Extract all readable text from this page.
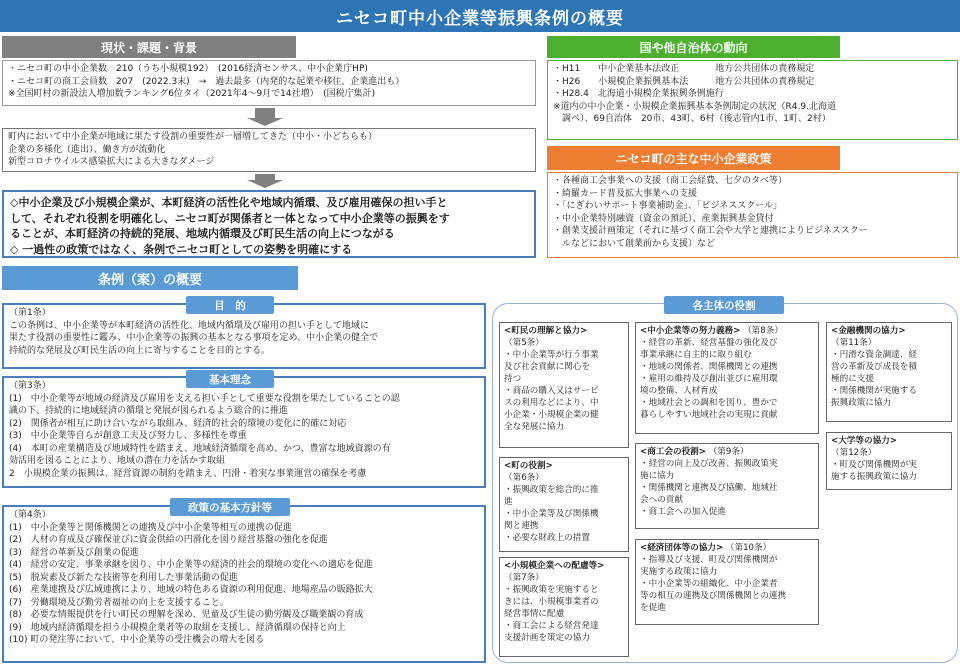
ニセコ町中小企業等振興条例の概要
現状・課題・背景
・ニセコ町の中小企業数　210（うち小規模192）　(2016経済センサス、中小企業庁HP)
・ニセコ町の商工会員数　207　(2022.3末)　→　過去最多（内発的な起業や移住、企業進出も）
※全国町村の新設法人増加数ランキング6位タイ（2021年4～9月で14社増）　(国税庁集計)
町内において中小企業が地域に果たす役割の重要性が一層増してきた（中小・小どちらも）
企業の多様化（進出）、働き方が流動化
新型コロナウイルス感染拡大による大きなダメージ
◇中小企業及び小規模企業が、本町経済の活性化や地域内循環、及び雇用確保の担い手と
して、それぞれ役割を明確化し、ニセコ町が関係者と一体となって中小企業等の振興をす
ることが、本町経済の持続的発展、地域内循環及び町民生活の向上につながる
◇ 一過性の政策ではなく、条例でニセコ町としての姿勢を明確にする
国や他自治体の動向
・H11　　中小企業基本法改正　　　　地方公共団体の責務規定
・H26　　小規模企業振興基本法　　　地方公共団体の責務規定
・H28.4　北海道小規模企業振興条例施行
※道内の中小企業・小規模企業振興基本条例制定の状況（R4.9.北海道
　調べ）、69自治体　20市、43町、6村（後志管内1市、1町、2村）
ニセコ町の主な中小企業政策
・各種商工会事業への支援（商工会経費、七夕のタベ等）
・綺羅カード普及拡大事業への支援
・「にぎわいサポート事業補助金」、「ビジネススクール」
・中小企業特別融資（資金の預託）、産業振興基金貸付
・創業支援計画策定（それに基づく商工会や大学と連携によりビジネススクー
　ルなどにおいて創業前から支援）など
条例（案）の概要
（第1条）
この条例は、中小企業等が本町経済の活性化、地域内循環及び雇用の担い手として地域に
果たす役割の重要性に鑑み、中小企業等の振興の基本となる事項を定め、中小企業の健全で
持続的な発展及び町民生活の向上に寄与することを目的とする。
目　的
（第3条）
(1)　中小企業等が地域の経済及び雇用を支える担い手として重要な役割を果たしていることの認
識の下、持続的に地域経済の循環と発展が図られるよう総合的に推進
(2)　関係者が相互に助け合いながら取組み、経済的社会的環境の変化に的確に対応
(3)　中小企業等自らが創意工夫及び努力し、多様性を尊重
(4)　本町の産業構造及び地域特性を踏まえ、地域経済循環を高め、かつ、豊富な地域資源の有
効活用を図ることにより、地域の潜在力を活かす取組
2　小規模企業の振興は、経営資源の制約を踏まえ、円滑・着実な事業運営の確保を考慮
基本理念
（第4条）
(1)　中小企業等と関係機関との連携及び中小企業等相互の連携の促進
(2)　人材の育成及び確保並びに資金供給の円滑化を図り経営基盤の強化を促進
(3)　経営の革新及び創業の促進
(4)　経営の安定、事業承継を図り、中小企業等の経済的社会的環境の変化への適応を促進
(5)　脱炭素及び新たな技術等を利用した事業活動の促進
(6)　産業連携及び広域連携により、地域の特色ある資源の利用促進、地場産品の販路拡大
(7)　労働環境及び勤労者福祉の向上を支援すること。
(8)　必要な情報提供を行い町民の理解を深め、児童及び生徒の勤労観及び職業観の育成
(9)　地域内経済循環を担う小規模企業者等の取組を支援し、経済循環の保持と向上
(10) 町の発注等において、中小企業等の受注機会の増大を図る
政策の基本方針等
各主体の役割
<町民の理解と協力>
（第5条）
・中小企業等が行う事業
及び社会貢献に関心を
持つ
・商品の購入又はサービ
スの利用などにより、中
小企業・小規模企業の健
全な発展に協力
<町の役割>
（第6条）
・振興政策を総合的に推
進
・中小企業等及び関係機
関と連携
・必要な財政上の措置
<小規模企業への配慮等>
（第7条）
・振興政策を実施すると
きには、小規模事業者の
経営事情に配慮
・商工会による経営発達
支援計画を策定の協力
<中小企業等の努力義務> （第8条）
・経営の革新、経営基盤の強化及び
事業承継に自主的に取り組む
・地域の関係者、関係機関との連携
・雇用の維持及び創出並びに雇用環
境の整備、人材育成
・地域社会との調和を図り、豊かで
暮らしやすい地域社会の実現に貢献
<商工会の役割> （第9条）
・経営の向上及び改善、振興政策実
施に協力
・関係機関と連携及び協働、地域社
会への貢献
・商工会への加入促進
<経済団体等の協力> （第10条）
・指導及び支援、町及び関係機関が
実施する政策に協力
・中小企業等の組織化、中小企業者
等の相互の連携及び関係機関との連携
を促進
<金融機関の協力>
（第11条）
・円滑な資金調達、経
営の革新及び成長を積
極的に支援
・関係機関が実施する
振興政策に協力
<大学等の協力>
（第12条）
・町及び関係機関が実
施する振興政策に協力
